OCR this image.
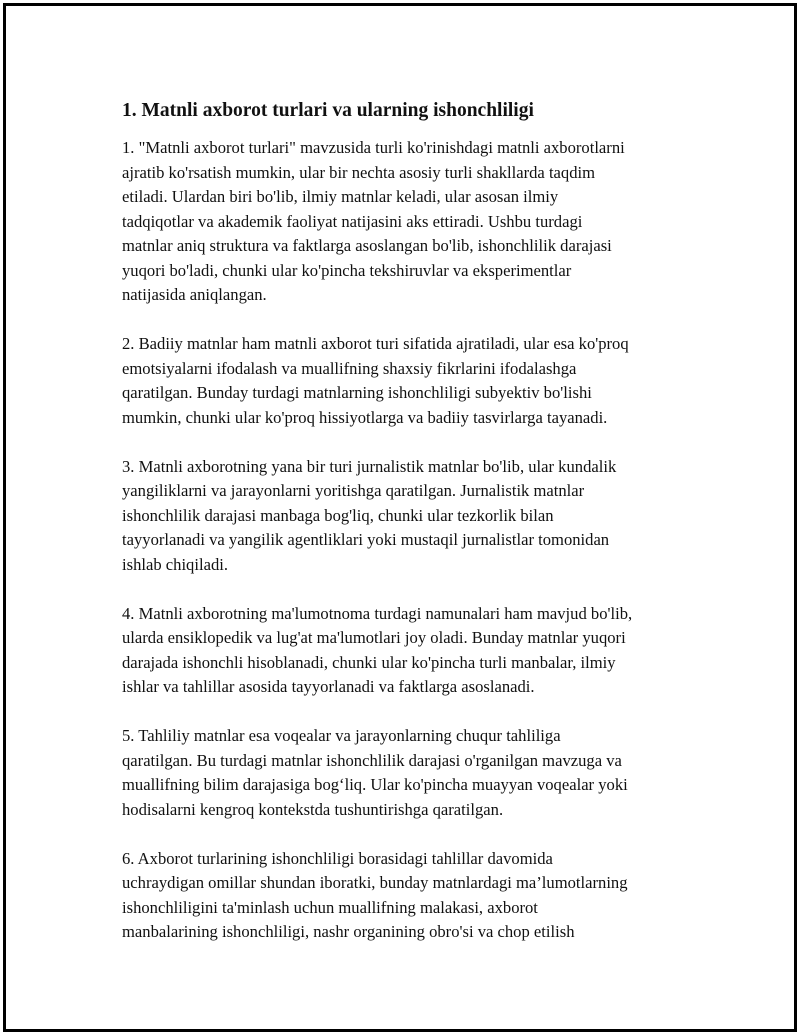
1. Matnli axborot turlari va ularning ishonchliligi
1. "Matnli axborot turlari" mavzusida turli ko'rinishdagi matnli axborotlarni
ajratib ko'rsatish mumkin, ular bir nechta asosiy turli shakllarda taqdim
etiladi. Ulardan biri bo'lib, ilmiy matnlar keladi, ular asosan ilmiy
tadqiqotlar va akademik faoliyat natijasini aks ettiradi. Ushbu turdagi
matnlar aniq struktura va faktlarga asoslangan bo'lib, ishonchlilik darajasi
yuqori bo'ladi, chunki ular ko'pincha tekshiruvlar va eksperimentlar
natijasida aniqlangan.
2. Badiiy matnlar ham matnli axborot turi sifatida ajratiladi, ular esa ko'proq
emotsiyalarni ifodalash va muallifning shaxsiy fikrlarini ifodalashga
qaratilgan. Bunday turdagi matnlarning ishonchliligi subyektiv bo'lishi
mumkin, chunki ular ko'proq hissiyotlarga va badiiy tasvirlarga tayanadi.
3. Matnli axborotning yana bir turi jurnalistik matnlar bo'lib, ular kundalik
yangiliklarni va jarayonlarni yoritishga qaratilgan. Jurnalistik matnlar
ishonchlilik darajasi manbaga bog'liq, chunki ular tezkorlik bilan
tayyorlanadi va yangilik agentliklari yoki mustaqil jurnalistlar tomonidan
ishlab chiqiladi.
4. Matnli axborotning ma'lumotnoma turdagi namunalari ham mavjud bo'lib,
ularda ensiklopedik va lug'at ma'lumotlari joy oladi. Bunday matnlar yuqori
darajada ishonchli hisoblanadi, chunki ular ko'pincha turli manbalar, ilmiy
ishlar va tahlillar asosida tayyorlanadi va faktlarga asoslanadi.
5. Tahliliy matnlar esa voqealar va jarayonlarning chuqur tahliliga
qaratilgan. Bu turdagi matnlar ishonchlilik darajasi o'rganilgan mavzuga va
muallifning bilim darajasiga bog‘liq. Ular ko'pincha muayyan voqealar yoki
hodisalarni kengroq kontekstda tushuntirishga qaratilgan.
6. Axborot turlarining ishonchliligi borasidagi tahlillar davomida
uchraydigan omillar shundan iboratki, bunday matnlardagi ma’lumotlarning
ishonchliligini ta'minlash uchun muallifning malakasi, axborot
manbalarining ishonchliligi, nashr organining obro'si va chop etilish
